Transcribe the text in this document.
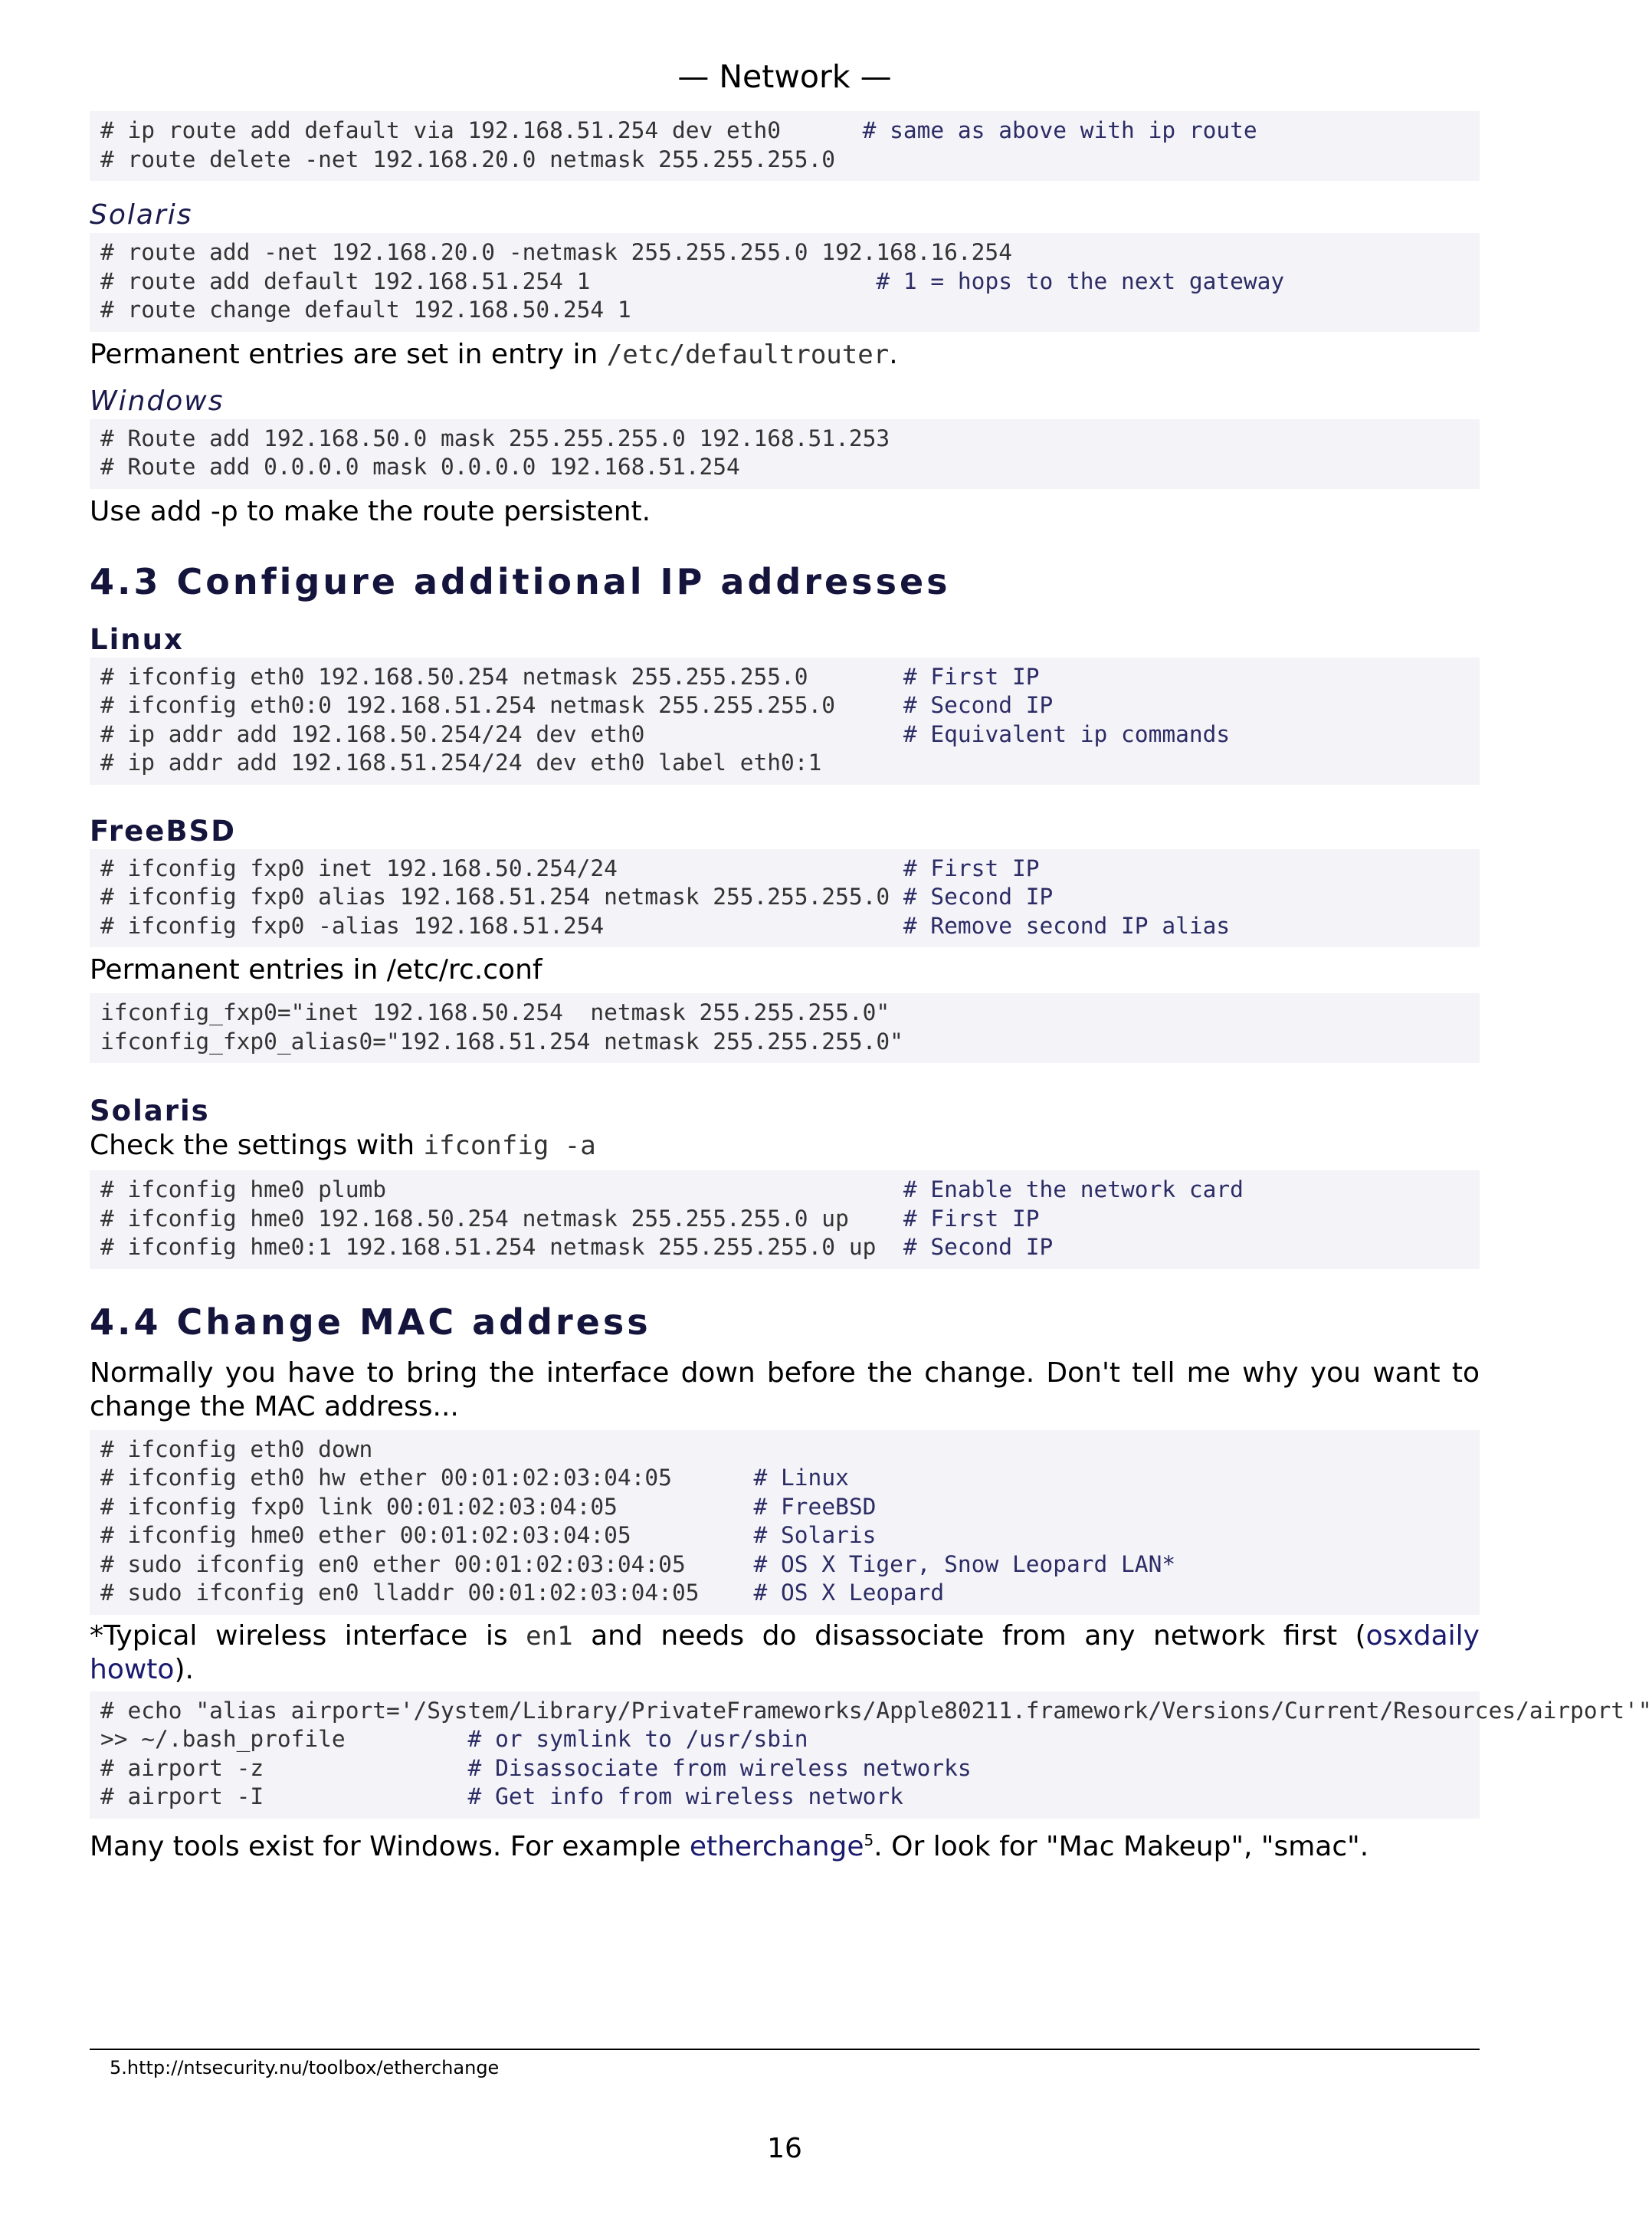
— Network —
# ip route add default via 192.168.51.254 dev eth0      # same as above with ip route
# route delete -net 192.168.20.0 netmask 255.255.255.0
Solaris
# route add -net 192.168.20.0 -netmask 255.255.255.0 192.168.16.254
# route add default 192.168.51.254 1                     # 1 = hops to the next gateway
# route change default 192.168.50.254 1

Permanent entries are set in entry in /etc/defaultrouter.

Windows
# Route add 192.168.50.0 mask 255.255.255.0 192.168.51.253
# Route add 0.0.0.0 mask 0.0.0.0 192.168.51.254

Use add -p to make the route persistent.

4.3 Configure additional IP addresses
Linux
# ifconfig eth0 192.168.50.254 netmask 255.255.255.0       # First IP
# ifconfig eth0:0 192.168.51.254 netmask 255.255.255.0     # Second IP
# ip addr add 192.168.50.254/24 dev eth0                   # Equivalent ip commands
# ip addr add 192.168.51.254/24 dev eth0 label eth0:1
FreeBSD
# ifconfig fxp0 inet 192.168.50.254/24                     # First IP
# ifconfig fxp0 alias 192.168.51.254 netmask 255.255.255.0 # Second IP
# ifconfig fxp0 -alias 192.168.51.254                      # Remove second IP alias

Permanent entries in /etc/rc.conf

ifconfig_fxp0="inet 192.168.50.254  netmask 255.255.255.0"
ifconfig_fxp0_alias0="192.168.51.254 netmask 255.255.255.0"
Solaris

Check the settings with ifconfig -a

# ifconfig hme0 plumb                                      # Enable the network card
# ifconfig hme0 192.168.50.254 netmask 255.255.255.0 up    # First IP
# ifconfig hme0:1 192.168.51.254 netmask 255.255.255.0 up  # Second IP
4.4 Change MAC address

Normally you have to bring the interface down before the change. Don't tell me why you want to change the MAC address...

# ifconfig eth0 down
# ifconfig eth0 hw ether 00:01:02:03:04:05      # Linux
# ifconfig fxp0 link 00:01:02:03:04:05          # FreeBSD
# ifconfig hme0 ether 00:01:02:03:04:05         # Solaris
# sudo ifconfig en0 ether 00:01:02:03:04:05     # OS X Tiger, Snow Leopard LAN*
# sudo ifconfig en0 lladdr 00:01:02:03:04:05    # OS X Leopard

*Typical wireless interface is en1 and needs do disassociate from any network first (osxdaily howto).

# echo "alias airport='/System/Library/PrivateFrameworks/Apple80211.framework/Versions/Current/Resources/airport'"
>> ~/.bash_profile         # or symlink to /usr/sbin
# airport -z               # Disassociate from wireless networks
# airport -I               # Get info from wireless network

Many tools exist for Windows. For example etherchange$^5$. Or look for "Mac Makeup", "smac".

5.http://ntsecurity.nu/toolbox/etherchange
16
